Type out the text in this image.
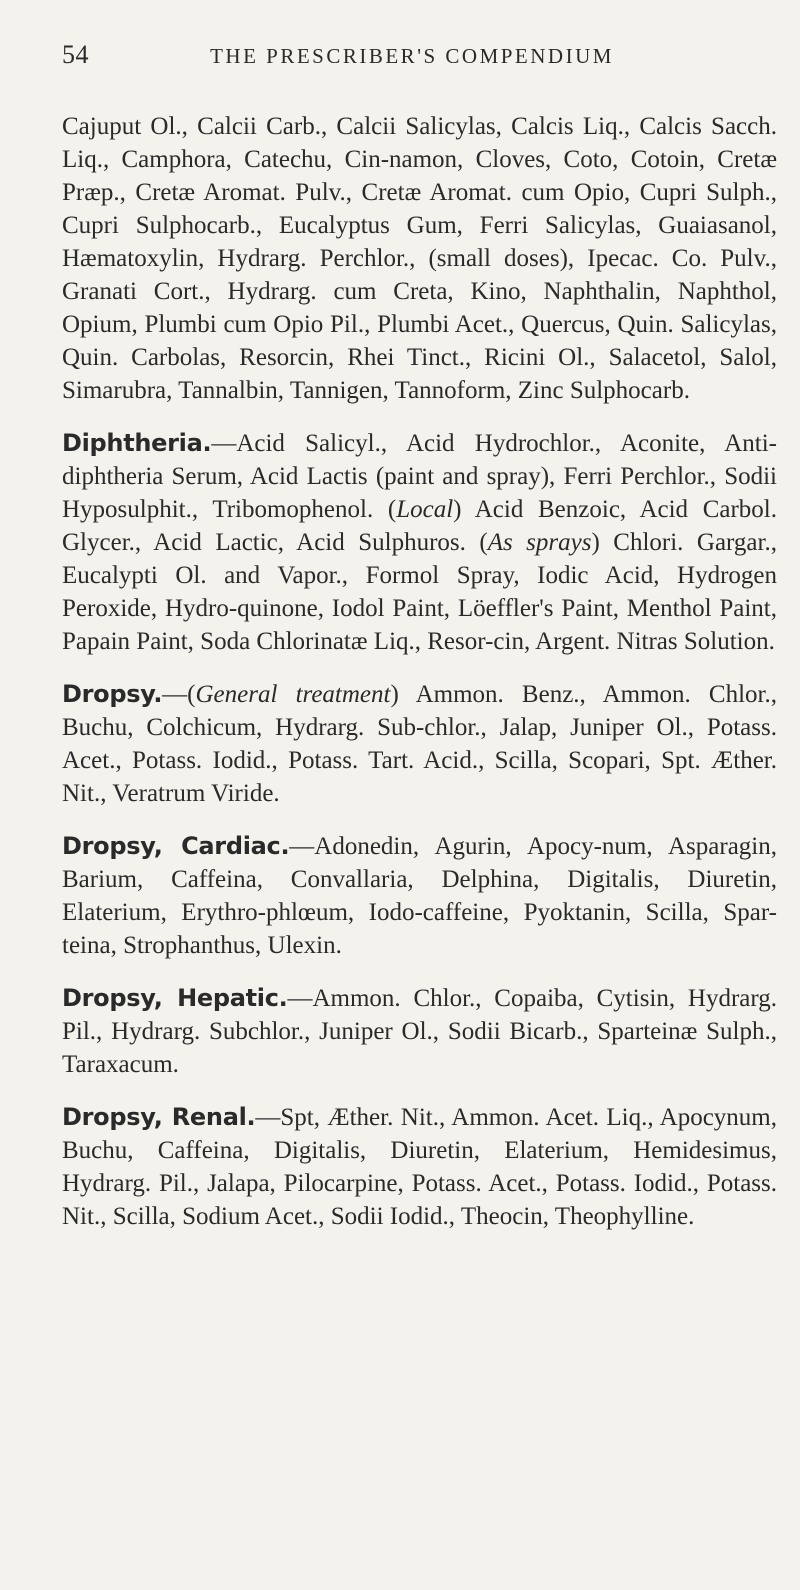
54	THE PRESCRIBER'S COMPENDIUM

Cajuput Ol., Calcii Carb., Calcii Salicylas, Calcis Liq., Calcis Sacch. Liq., Camphora, Catechu, Cin-namon, Cloves, Coto, Cotoin, Cretæ Præp., Cretæ Aromat. Pulv., Cretæ Aromat. cum Opio, Cupri Sulph., Cupri Sulphocarb., Eucalyptus Gum, Ferri Salicylas, Guaiasanol, Hæmatoxylin, Hydrarg. Perchlor., (small doses), Ipecac. Co. Pulv., Granati Cort., Hydrarg. cum Creta, Kino, Naphthalin, Naphthol, Opium, Plumbi cum Opio Pil., Plumbi Acet., Quercus, Quin. Salicylas, Quin. Carbolas, Resorcin, Rhei Tinct., Ricini Ol., Salacetol, Salol, Simarubra, Tannalbin, Tannigen, Tannoform, Zinc Sulphocarb.

Diphtheria.—Acid Salicyl., Acid Hydrochlor., Aconite, Anti-diphtheria Serum, Acid Lactis (paint and spray), Ferri Perchlor., Sodii Hyposulphit., Tribomophenol. (Local) Acid Benzoic, Acid Carbol. Glycer., Acid Lactic, Acid Sulphuros. (As sprays) Chlori. Gargar., Eucalypti Ol. and Vapor., Formol Spray, Iodic Acid, Hydrogen Peroxide, Hydro-quinone, Iodol Paint, Löeffler's Paint, Menthol Paint, Papain Paint, Soda Chlorinatæ Liq., Resor-cin, Argent. Nitras Solution.

Dropsy.—(General treatment) Ammon. Benz., Ammon. Chlor., Buchu, Colchicum, Hydrarg. Sub-chlor., Jalap, Juniper Ol., Potass. Acet., Potass. Iodid., Potass. Tart. Acid., Scilla, Scopari, Spt. Æther. Nit., Veratrum Viride.

Dropsy, Cardiac.—Adonedin, Agurin, Apocy-num, Asparagin, Barium, Caffeina, Convallaria, Delphina, Digitalis, Diuretin, Elaterium, Erythro-phlœum, Iodo-caffeine, Pyoktanin, Scilla, Spar-teina, Strophanthus, Ulexin.

Dropsy, Hepatic.—Ammon. Chlor., Copaiba, Cytisin, Hydrarg. Pil., Hydrarg. Subchlor., Juniper Ol., Sodii Bicarb., Sparteinæ Sulph., Taraxacum.

Dropsy, Renal.—Spt, Æther. Nit., Ammon. Acet. Liq., Apocynum, Buchu, Caffeina, Digitalis, Diuretin, Elaterium, Hemidesimus, Hydrarg. Pil., Jalapa, Pilocarpine, Potass. Acet., Potass. Iodid., Potass. Nit., Scilla, Sodium Acet., Sodii Iodid., Theocin, Theophylline.
